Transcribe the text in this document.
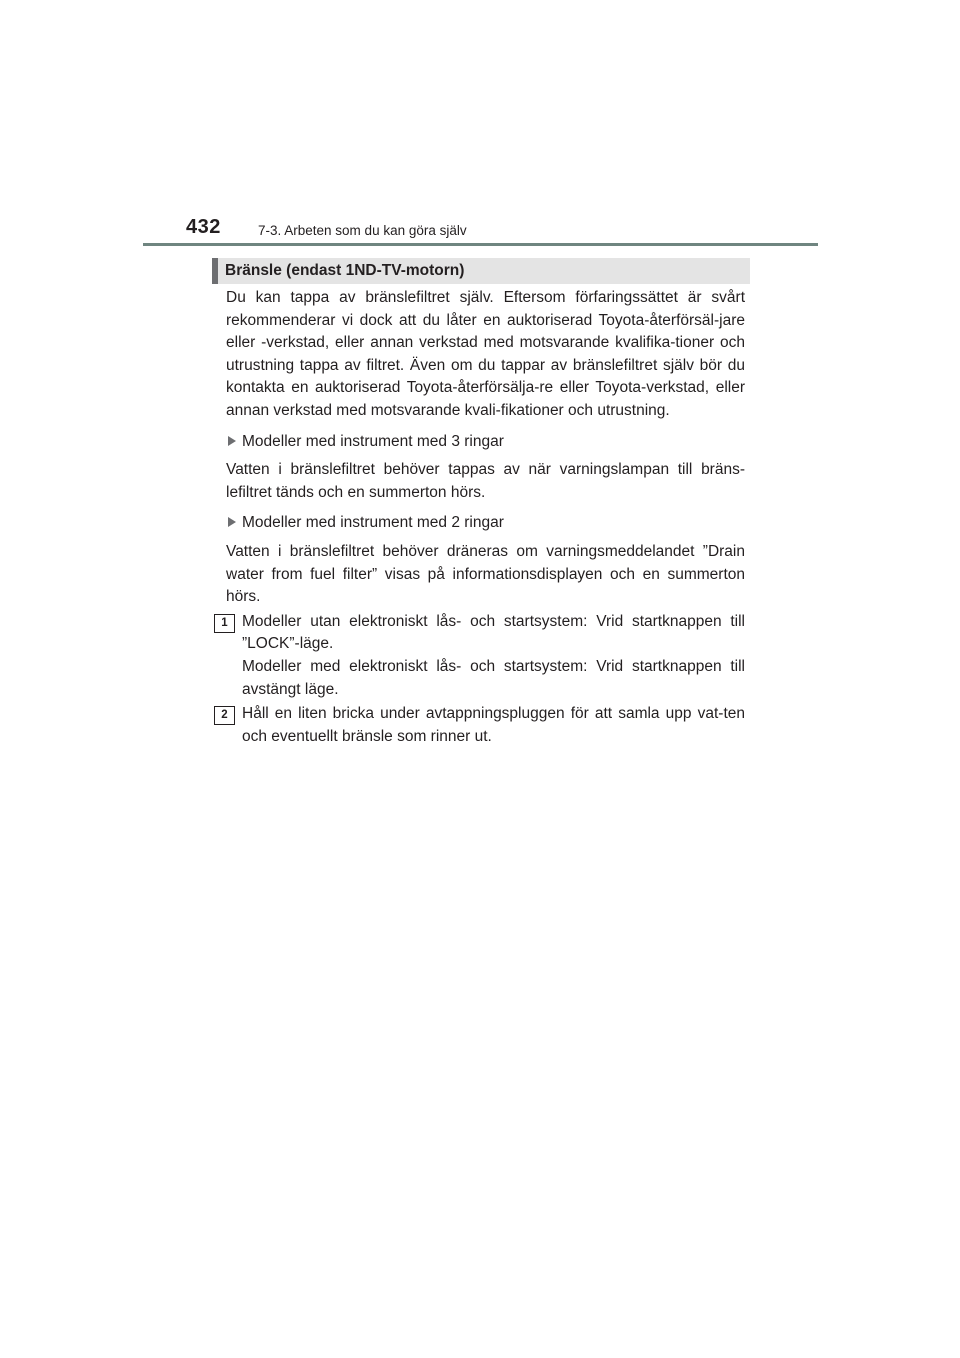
432	7-3. Arbeten som du kan göra själv
Bränsle (endast 1ND-TV-motorn)

Du kan tappa av bränslefiltret själv. Eftersom förfaringssättet är svårt rekommenderar vi dock att du låter en auktoriserad Toyota-återförsäl-jare eller -verkstad, eller annan verkstad med motsvarande kvalifika-tioner och utrustning tappa av filtret. Även om du tappar av bränslefiltret själv bör du kontakta en auktoriserad Toyota-återförsälja-re eller Toyota-verkstad, eller annan verkstad med motsvarande kvali-fikationer och utrustning.

Modeller med instrument med 3 ringar

Vatten i bränslefiltret behöver tappas av när varningslampan till bräns-lefiltret tänds och en summerton hörs.

Modeller med instrument med 2 ringar

Vatten i bränslefiltret behöver dräneras om varningsmeddelandet ”Drain water from fuel filter” visas på informationsdisplayen och en summerton hörs.

1 Modeller utan elektroniskt lås- och startsystem: Vrid startknappen till ”LOCK”-läge.

Modeller med elektroniskt lås- och startsystem: Vrid startknappen till avstängt läge.

2 Håll en liten bricka under avtappningspluggen för att samla upp vat-ten och eventuellt bränsle som rinner ut.
